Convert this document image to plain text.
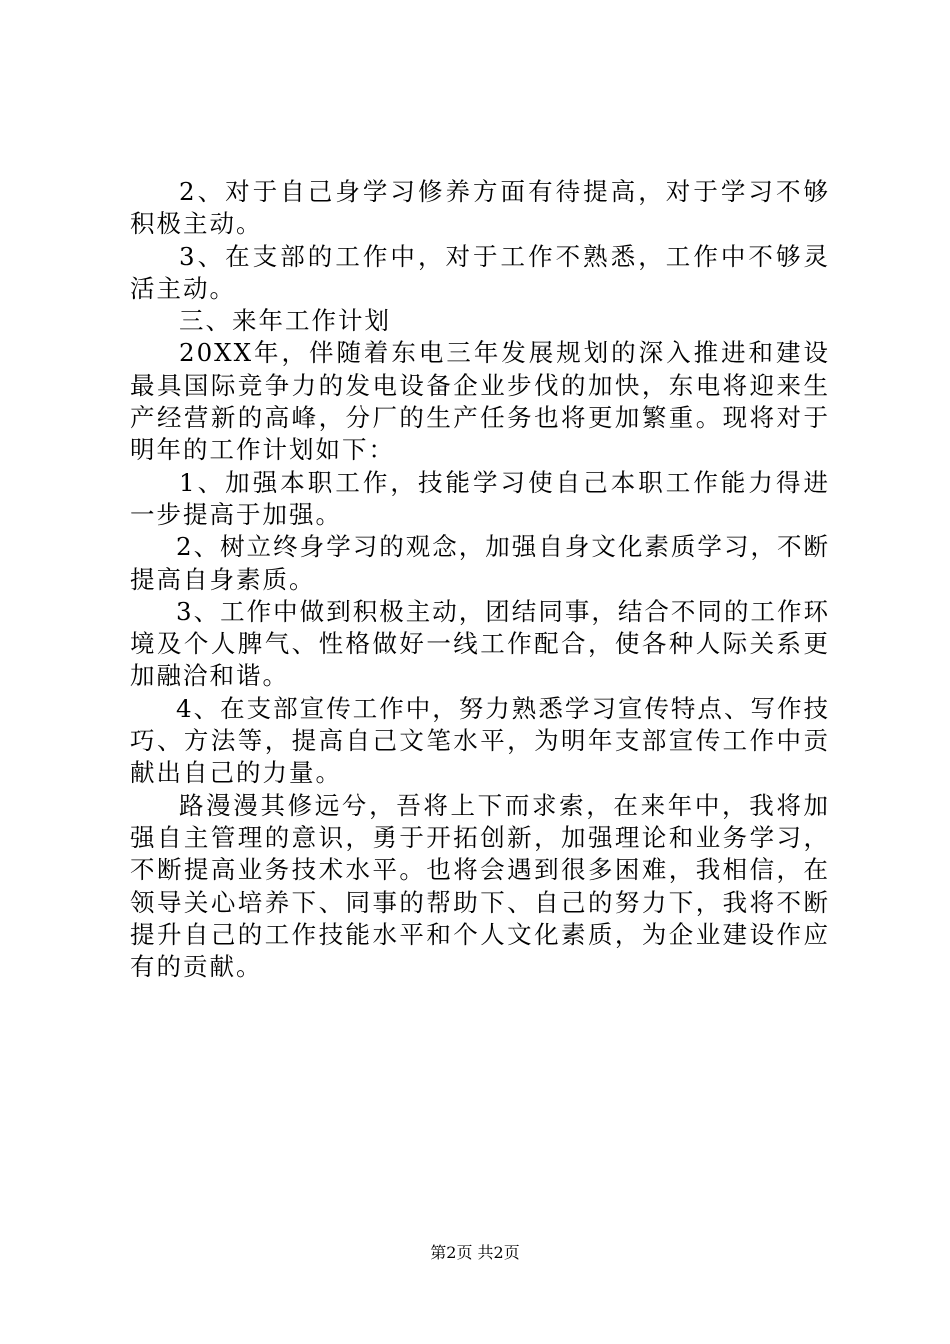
2、对于自己身学习修养方面有待提高，对于学习不够积极主动。

3、在支部的工作中，对于工作不熟悉，工作中不够灵活主动。

三、来年工作计划

20XX年，伴随着东电三年发展规划的深入推进和建设最具国际竞争力的发电设备企业步伐的加快，东电将迎来生产经营新的高峰，分厂的生产任务也将更加繁重。现将对于明年的工作计划如下：

1、加强本职工作，技能学习使自己本职工作能力得进一步提高于加强。

2、树立终身学习的观念，加强自身文化素质学习，不断提高自身素质。

3、工作中做到积极主动，团结同事，结合不同的工作环境及个人脾气、性格做好一线工作配合，使各种人际关系更加融洽和谐。

4、在支部宣传工作中，努力熟悉学习宣传特点、写作技巧、方法等，提高自己文笔水平，为明年支部宣传工作中贡献出自己的力量。

路漫漫其修远兮，吾将上下而求索，在来年中，我将加强自主管理的意识，勇于开拓创新，加强理论和业务学习，不断提高业务技术水平。也将会遇到很多困难，我相信，在领导关心培养下、同事的帮助下、自己的努力下，我将不断提升自己的工作技能水平和个人文化素质，为企业建设作应有的贡献。

第2页 共2页
